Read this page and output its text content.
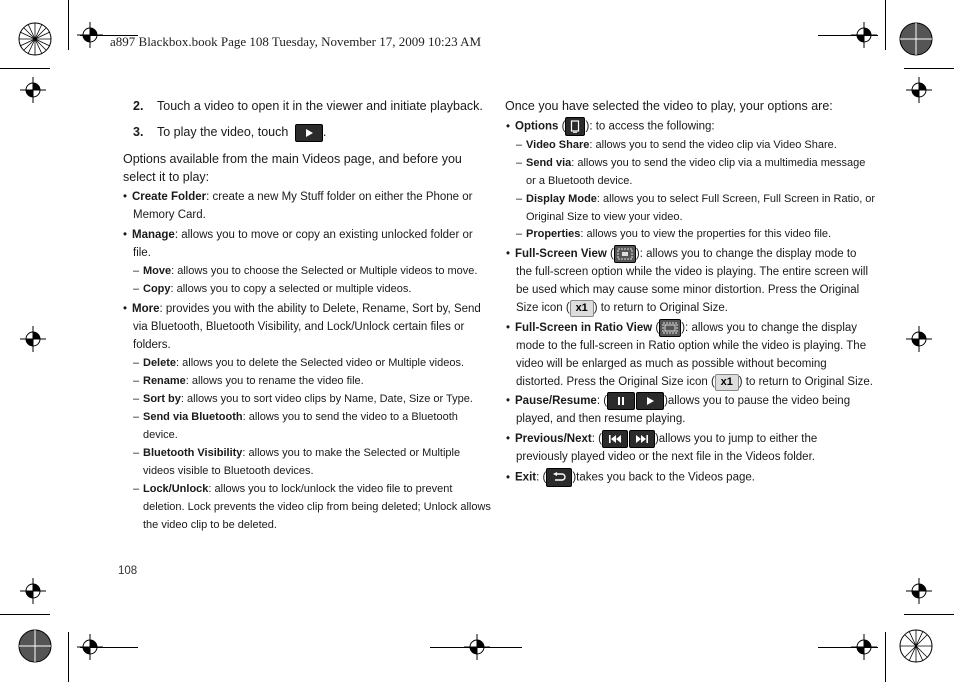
a897 Blackbox.book Page 108 Tuesday, November 17, 2009 10:23 AM
2. Touch a video to open it in the viewer and initiate playback.
3. To play the video, touch	.
Options available from the main Videos page, and before you
select it to play:
• Create Folder: create a new My Stuff folder on either the Phone or
Memory Card.
• Manage: allows you to move or copy an existing unlocked folder or
file.
– Move: allows you to choose the Selected or Multiple videos to move.
– Copy: allows you to copy a selected or multiple videos.
• More: provides you with the ability to Delete, Rename, Sort by, Send
via Bluetooth, Bluetooth Visibility, and Lock/Unlock certain files or
folders.
– Delete: allows you to delete the Selected video or Multiple videos.
– Rename: allows you to rename the video file.
– Sort by: allows you to sort video clips by Name, Date, Size or Type.
– Send via Bluetooth: allows you to send the video to a Bluetooth
device.
– Bluetooth Visibility: allows you to make the Selected or Multiple
videos visible to Bluetooth devices.
– Lock/Unlock: allows you to lock/unlock the video file to prevent
deletion. Lock prevents the video clip from being deleted; Unlock allows
the video clip to be deleted.
Once you have selected the video to play, your options are:
• Options ( ): to access the following:
– Video Share: allows you to send the video clip via Video Share.
– Send via: allows you to send the video clip via a multimedia message
or a Bluetooth device.
– Display Mode: allows you to select Full Screen, Full Screen in Ratio, or
Original Size to view your video.
– Properties: allows you to view the properties for this video file.
• Full-Screen View ( ): allows you to change the display mode to
the full-screen option while the video is playing. The entire screen will
be used which may cause some minor distortion. Press the Original
Size icon ( x1 ) to return to Original Size.
• Full-Screen in Ratio View ( ): allows you to change the display
mode to the full-screen in Ratio option while the video is playing. The
video will be enlarged as much as possible without becoming
distorted. Press the Original Size icon ( x1 ) to return to Original Size.
• Pause/Resume: (	)allows you to pause the video being
played, and then resume playing.
• Previous/Next: (	)allows you to jump to either the
previously played video or the next file in the Videos folder.
• Exit: ( )takes you back to the Videos page.
108
